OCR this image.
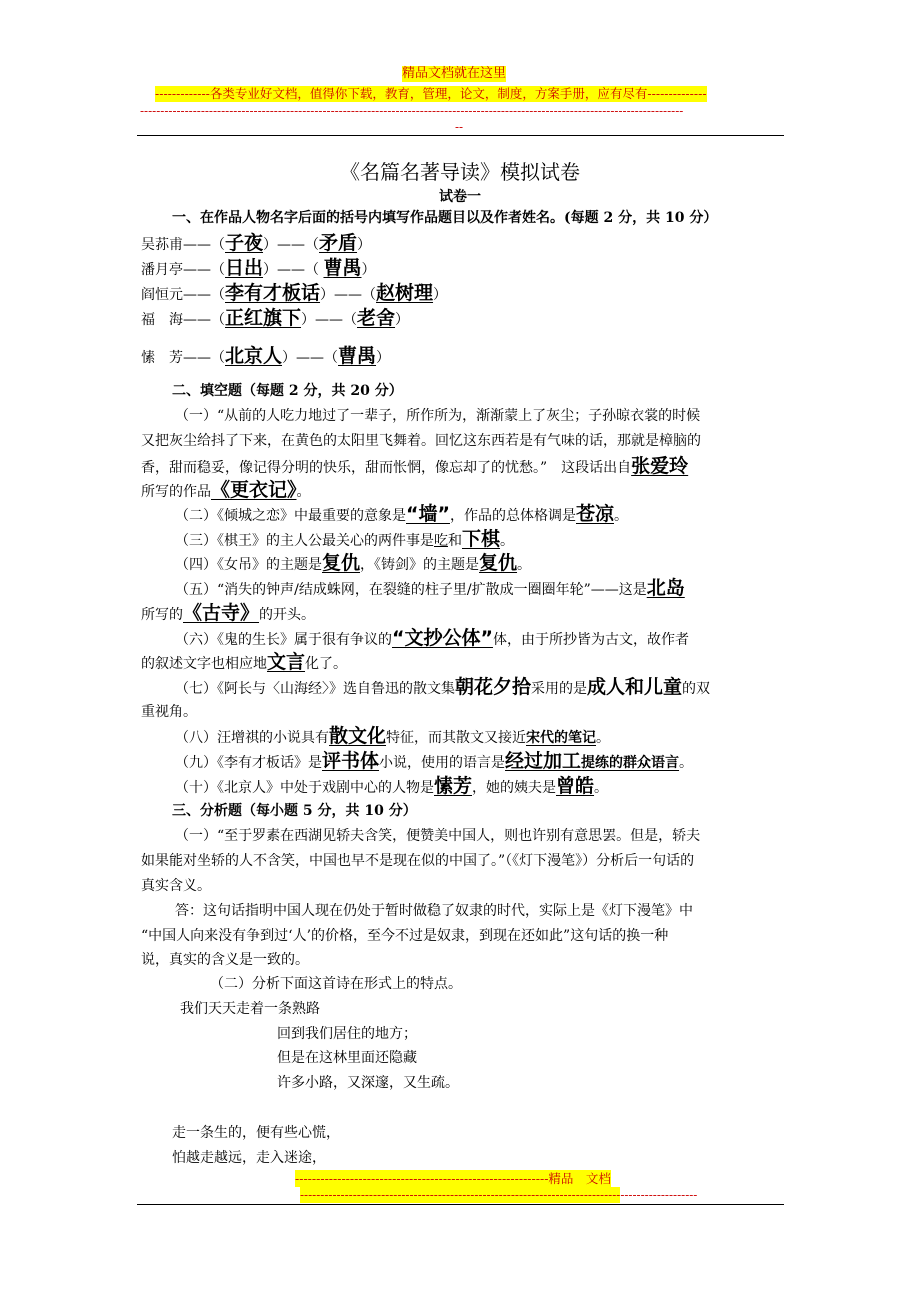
精品文档就在这里
-------------各类专业好文档，值得你下载，教育，管理，论文，制度，方案手册，应有尽有--------------
--------------------------------------------------------------------------------------------------------------------------------------
--
《名篇名著导读》模拟试卷
试卷一
一、在作品人物名字后面的括号内填写作品题目以及作者姓名。(每题 2 分，共 10 分）
吴荪甫——（子夜）——（矛盾）
潘月亭——（日出）——（ 曹禺）
阎恒元——（李有才板话）——（赵树理）
福　海——（正红旗下）——（老舍）
愫　芳——（北京人）——（曹禺）
二、填空题（每题 2 分，共 20 分）
（一）“从前的人吃力地过了一辈子，所作所为，渐渐蒙上了灰尘；子孙晾衣裳的时候
又把灰尘给抖了下来，在黄色的太阳里飞舞着。回忆这东西若是有气味的话，那就是樟脑的
香，甜而稳妥，像记得分明的快乐，甜而怅惘，像忘却了的忧愁。”　这段话出自张爱玲
所写的作品《更衣记》。
（二）《倾城之恋》中最重要的意象是“墙”，作品的总体格调是苍凉。
（三）《棋王》的主人公最关心的两件事是吃和下棋。
（四）《女吊》的主题是复仇，《铸剑》的主题是复仇。
（五）“消失的钟声/结成蛛网，在裂缝的柱子里/扩散成一圈圈年轮”——这是北岛
所写的《古寺》的开头。
（六）《鬼的生长》属于很有争议的“文抄公体”体，由于所抄皆为古文，故作者
的叙述文字也相应地文言化了。
（七）《阿长与〈山海经〉》选自鲁迅的散文集朝花夕拾采用的是成人和儿童的双
重视角。
（八）汪增祺的小说具有散文化特征，而其散文又接近宋代的笔记。
（九）《李有才板话》是评书体小说，使用的语言是经过加工提练的群众语言。
（十）《北京人》中处于戏剧中心的人物是愫芳，她的姨夫是曾皓。
三、分析题（每小题 5 分，共 10 分）
（一）“至于罗素在西湖见轿夫含笑，便赞美中国人，则也许别有意思罢。但是，轿夫
如果能对坐轿的人不含笑，中国也早不是现在似的中国了。”（《灯下漫笔》）分析后一句话的
真实含义。
答：这句话指明中国人现在仍处于暂时做稳了奴隶的时代，实际上是《灯下漫笔》中
“中国人向来没有争到过‘人’的价格，至今不过是奴隶，到现在还如此”这句话的换一种
说，真实的含义是一致的。
（二）分析下面这首诗在形式上的特点。
我们天天走着一条熟路
回到我们居住的地方；
但是在这林里面还隐藏
许多小路，又深邃，又生疏。
走一条生的，便有些心慌，
怕越走越远，走入迷途，
------------------------------------------------------------精品　文档
--------------------------------------------------------------------------------------------------
